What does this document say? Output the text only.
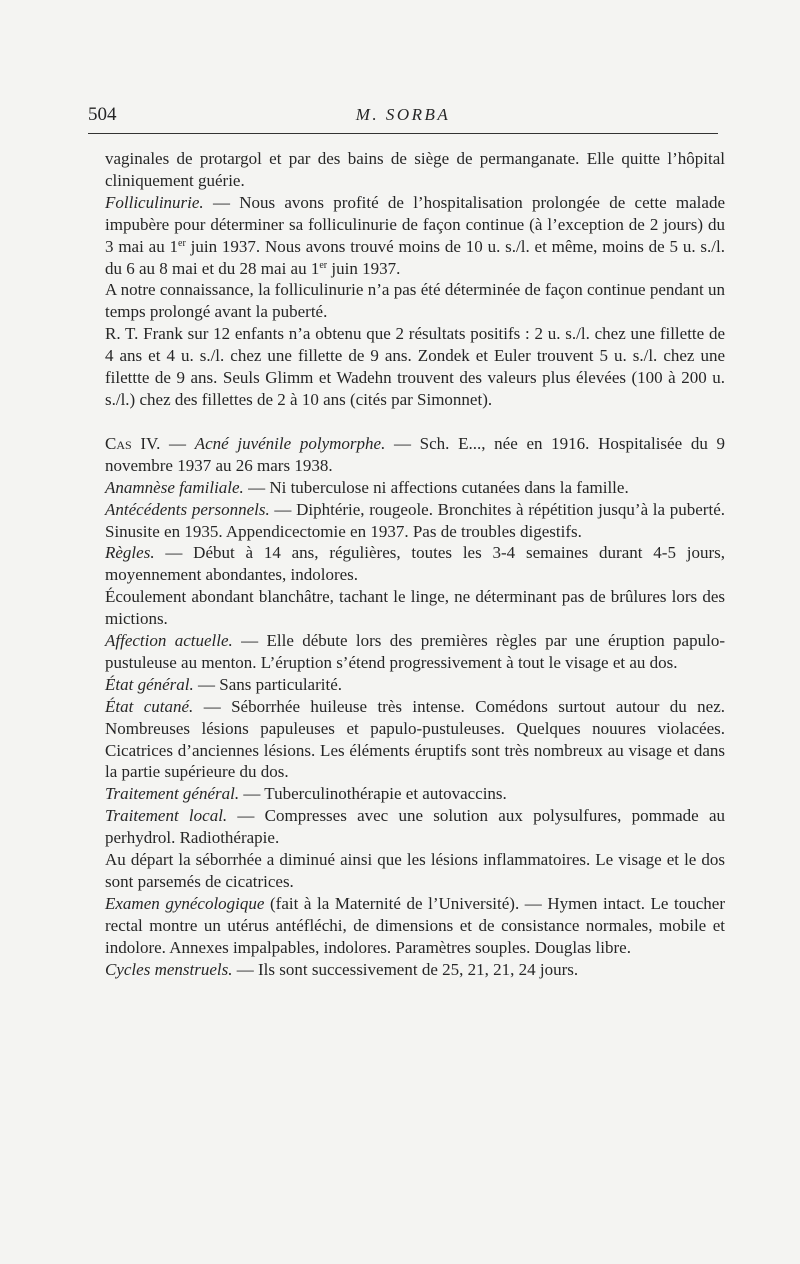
504	M. SORBA

vaginales de protargol et par des bains de siège de permanganate. Elle quitte l’hôpital cliniquement guérie.

Folliculinurie. — Nous avons profité de l’hospitalisation prolongée de cette malade impubère pour déterminer sa folliculinurie de façon continue (à l’exception de 2 jours) du 3 mai au 1er juin 1937. Nous avons trouvé moins de 10 u. s./l. et même, moins de 5 u. s./l. du 6 au 8 mai et du 28 mai au 1er juin 1937.

A notre connaissance, la folliculinurie n’a pas été déterminée de façon continue pendant un temps prolongé avant la puberté.

R. T. Frank sur 12 enfants n’a obtenu que 2 résultats positifs : 2 u. s./l. chez une fillette de 4 ans et 4 u. s./l. chez une fillette de 9 ans. Zondek et Euler trouvent 5 u. s./l. chez une filettte de 9 ans. Seuls Glimm et Wadehn trouvent des valeurs plus élevées (100 à 200 u. s./l.) chez des fillettes de 2 à 10 ans (cités par Simonnet).

Cas IV. — Acné juvénile polymorphe. — Sch. E..., née en 1916. Hospitalisée du 9 novembre 1937 au 26 mars 1938.

Anamnèse familiale. — Ni tuberculose ni affections cutanées dans la famille.

Antécédents personnels. — Diphtérie, rougeole. Bronchites à répétition jusqu’à la puberté. Sinusite en 1935. Appendicectomie en 1937. Pas de troubles digestifs.

Règles. — Début à 14 ans, régulières, toutes les 3-4 semaines durant 4-5 jours, moyennement abondantes, indolores.

Écoulement abondant blanchâtre, tachant le linge, ne déterminant pas de brûlures lors des mictions.

Affection actuelle. — Elle débute lors des premières règles par une éruption papulo-pustuleuse au menton. L’éruption s’étend progressivement à tout le visage et au dos.

État général. — Sans particularité.

État cutané. — Séborrhée huileuse très intense. Comédons surtout autour du nez. Nombreuses lésions papuleuses et papulo-pustuleuses. Quelques nouures violacées. Cicatrices d’anciennes lésions. Les éléments éruptifs sont très nombreux au visage et dans la partie supérieure du dos.

Traitement général. — Tuberculinothérapie et autovaccins.

Traitement local. — Compresses avec une solution aux polysulfures, pommade au perhydrol. Radiothérapie.

Au départ la séborrhée a diminué ainsi que les lésions inflammatoires. Le visage et le dos sont parsemés de cicatrices.

Examen gynécologique (fait à la Maternité de l’Université). — Hymen intact. Le toucher rectal montre un utérus antéfléchi, de dimensions et de consistance normales, mobile et indolore. Annexes impalpables, indolores. Paramètres souples. Douglas libre.

Cycles menstruels. — Ils sont successivement de 25, 21, 21, 24 jours.
